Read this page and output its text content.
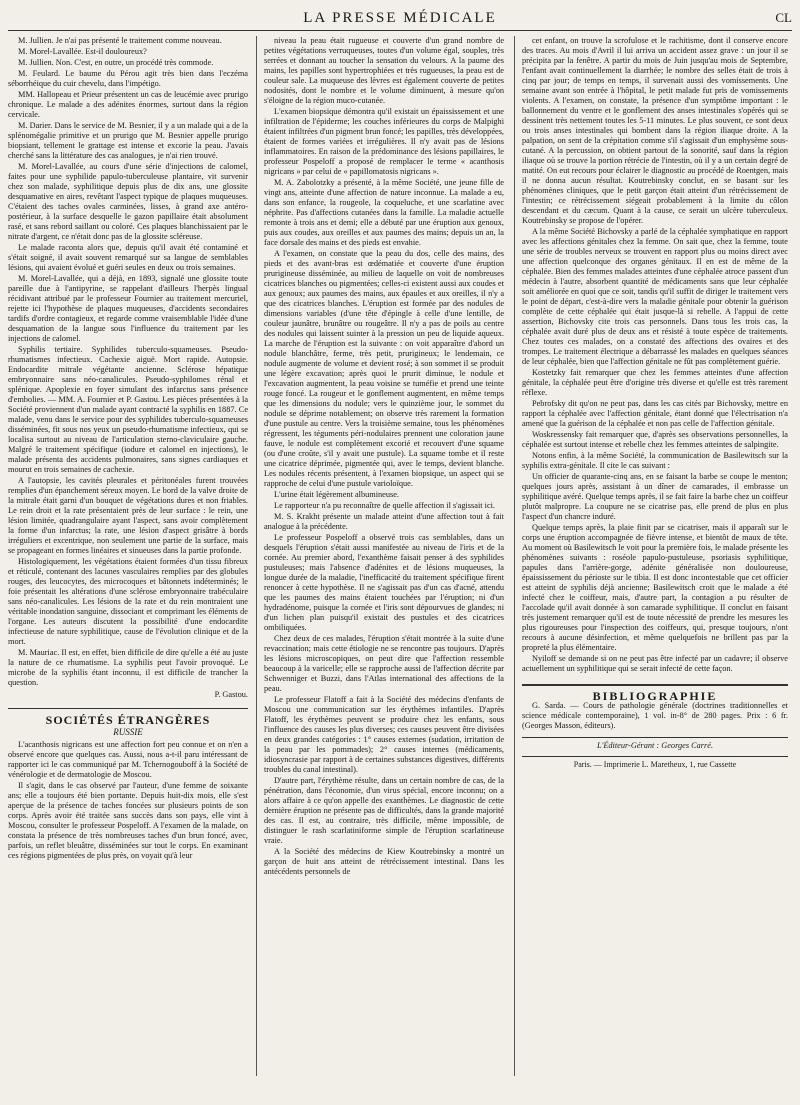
LA PRESSE MÉDICALE	CL

M. Jullien. Je n'ai pas présenté le traitement comme nouveau.

M. Morel-Lavallée. Est-il douloureux?

M. Jullien. Non. C'est, en outre, un procédé très commode.

M. Feulard. Le baume du Pérou agit très bien dans l'eczéma séborrhéique du cuir chevelu, dans l'impétigo.

MM. Hallopeau et Prieur présentent un cas de leucémie avec prurigo chronique. Le malade a des adénites énormes, surtout dans la région cervicale.

M. Darier. Dans le service de M. Besnier, il y a un malade qui a de la splénomégalie primitive et un prurigo que M. Besnier appelle prurigo biopsiant, tellement le grattage est intense et excorie la peau. J'avais cherché sans la littérature des cas analogues, je n'ai rien trouvé.

M. Morel-Lavallée, au cours d'une série d'injections de calomel, faites pour une syphilide papulo-tuberculeuse plantaire, vit survenir chez son malade, syphilitique depuis plus de dix ans, une glossite desquamative en aires, revêtant l'aspect typique de plaques muqueuses. C'étaient des taches ovales carminées, lisses, à grand axe antéro-postérieur, à la surface desquelle le gazon papillaire était absolument rasé, et sans rebord saillant ou coloré. Ces plaques blanchissaient par le nitrate d'argent, ce n'était donc pas de la glossite scléreuse.

Le malade raconta alors que, depuis qu'il avait été contaminé et s'était soigné, il avait souvent remarqué sur sa langue de semblables lésions, qui avaient évolué et guéri seules en deux ou trois semaines.

M. Morel-Lavallée, qui a déjà, en 1893, signalé une glossite toute pareille due à l'antipyrine, se rappelant d'ailleurs l'herpès lingual récidivant attribué par le professeur Fournier au traitement mercuriel, rejette ici l'hypothèse de plaques muqueuses, d'accidents secondaires tardifs d'ordre contagieux, et regarde comme vraisemblable l'idée d'une desquamation de la langue sous l'influence du traitement par les injections de calomel.

Syphilis tertiaire. Syphilides tuberculo-squameuses. Pseudo-rhumatismes infectieux. Cachexie aiguë. Mort rapide. Autopsie. Endocardite mitrale végétante ancienne. Sclérose hépatique embryonnaire sans néo-canalicules. Pseudo-syphilomes rénal et splénique. Apoplexie en foyer simulant des infarctus sans présence d'embolies. — MM. A. Fournier et P. Gastou. Les pièces présentées à la Société proviennent d'un malade ayant contracté la syphilis en 1887. Ce malade, venu dans le service pour des syphilides tuberculo-squameuses disséminées, fit sous nos yeux un pseudo-rhumatisme infectieux, qui se localisa surtout au niveau de l'articulation sterno-claviculaire gauche. Malgré le traitement spécifique (iodure et calomel en injections), le malade présenta des accidents pulmonaires, sans signes cardiaques et mourut en trois semaines de cachexie.

A l'autopsie, les cavités pleurales et péritonéales furent trouvées remplies d'un épanchement séreux moyen. Le bord de la valve droite de la mitrale était garni d'un bouquet de végétations dures et non friables. Le rein droit et la rate présentaient près de leur surface : le rein, une lésion limitée, quadrangulaire ayant l'aspect, sans avoir complètement la forme d'un infarctus; la rate, une lésion d'aspect grisâtre à bords irréguliers et excentrique, non seulement une partie de la surface, mais se propageant en formes linéaires et sinueuses dans la partie profonde.

Histologiquement, les végétations étaient formées d'un tissu fibreux et réticulé, contenant des lacunes vasculaires remplies par des globules rouges, des leucocytes, des microcoques et bâtonnets indéterminés; le foie présentait les altérations d'une sclérose embryonnaire trabéculaire sans néo-canalicules. Les lésions de la rate et du rein montraient une véritable inondation sanguine, dissociant et comprimant les éléments de l'organe. Les auteurs discutent la possibilité d'une endocardite infectieuse de nature syphilitique, cause de l'évolution clinique et de la mort.

M. Mauriac. Il est, en effet, bien difficile de dire qu'elle a été au juste la nature de ce rhumatisme. La syphilis peut l'avoir provoqué. Le microbe de la syphilis étant inconnu, il est difficile de trancher la question.

P. Gastou.
SOCIÉTÉS ÉTRANGÈRES
RUSSIE

L'acanthosis nigricans est une affection fort peu connue et on n'en a observé encore que quelques cas. Aussi, nous a-t-il paru intéressant de rapporter ici le cas communiqué par M. Tchernogouboff à la Société de vénérologie et de dermatologie de Moscou.

Il s'agit, dans le cas observé par l'auteur, d'une femme de soixante ans; elle a toujours été bien portante. Depuis huit-dix mois, elle s'est aperçue de la présence de taches foncées sur plusieurs points de son corps. Après avoir été traitée sans succès dans son pays, elle vint à Moscou, consulter le professeur Pospeloff. A l'examen de la malade, on constata la présence de très nombreuses taches d'un brun foncé, avec, parfois, un reflet bleuâtre, disséminées sur tout le corps. En examinant ces régions pigmentées de plus près, on voyait qu'à leur

niveau la peau était rugueuse et couverte d'un grand nombre de petites végétations verruqueuses, toutes d'un volume égal, souples, très serrées et donnant au toucher la sensation du velours. A la paume des mains, les papilles sont hypertrophiées et très rugueuses, la peau est de couleur sale. La muqueuse des lèvres est également couverte de petites nodosités, dont le nombre et le volume diminuent, à mesure qu'on s'éloigne de la région muco-cutanée.

L'examen biopsique démontra qu'il existait un épaississement et une infiltration de l'épiderme; les couches inférieures du corps de Malpighi étaient infiltrées d'un pigment brun foncé; les papilles, très développées, étaient de formes variées et irrégulières. Il n'y avait pas de lésions inflammatoires. En raison de la prédominance des lésions papillaires, le professeur Pospeloff a proposé de remplacer le terme « acanthosis nigricans » par celui de « papillomatosis nigricans ».

M. A. Zabolotzky a présenté, à la même Société, une jeune fille de vingt ans, atteinte d'une affection de nature inconnue. La malade a eu, dans son enfance, la rougeole, la coqueluche, et une scarlatine avec néphrite. Pas d'affections cutanées dans la famille. La maladie actuelle remonte à trois ans et demi; elle a débuté par une éruption aux genoux, puis aux coudes, aux oreilles et aux paumes des mains; depuis un an, la face dorsale des mains et des pieds est envahie.

A l'examen, on constate que la peau du dos, celle des mains, des pieds et des avant-bras est œdématiée et couverte d'une éruption prurigineuse disséminée, au milieu de laquelle on voit de nombreuses cicatrices blanches ou pigmentées; celles-ci existent aussi aux coudes et aux genoux; aux paumes des mains, aux épaules et aux oreilles, il n'y a que des cicatrices blanches. L'éruption est formée par des nodules de dimensions variables (d'une tête d'épingle à celle d'une lentille, de couleur jaunâtre, brunâtre ou rougeâtre. Il n'y a pas de poils au centre des nodules qui laissent suinter à la pression un peu de liquide aqueux. La marche de l'éruption est la suivante : on voit apparaître d'abord un nodule blanchâtre, ferme, très petit, prurigineux; le lendemain, ce nodule augmente de volume et devient rosé; à son sommet il se produit une légère excavation; après quoi le prurit diminue, le nodule et l'excavation augmentent, la peau voisine se tuméfie et prend une teinte rouge foncé. La rougeur et le gonflement augmentent, en même temps que les dimensions du nodule; vers le quinzième jour, le sommet du nodule se déprime notablement; on observe très rarement la formation d'une pustule au centre. Vers la troisième semaine, tous les phénomènes régressent, les téguments péri-nodulaires prennent une coloration jaune fauve, le nodule est complètement excorié et recouvert d'une squame (ou d'une croûte, s'il y avait une pustule). La squame tombe et il reste une cicatrice déprimée, pigmentée qui, avec le temps, devient blanche. Les nodules récents présentent, à l'examen biopsique, un aspect qui se rapproche de celui d'une pustule varioloïque.

L'urine était légèrement albumineuse.

Le rapporteur n'a pu reconnaître de quelle affection il s'agissait ici.

M. S. Krakht présente un malade atteint d'une affection tout à fait analogue à la précédente.

Le professeur Pospeloff a observé trois cas semblables, dans un desquels l'éruption s'était aussi manifestée au niveau de l'iris et de la cornée. Au premier abord, l'exanthème faisait penser à des syphilides pustuleuses; mais l'absence d'adénites et de lésions muqueuses, la longue durée de la maladie, l'inefficacité du traitement spécifique firent renoncer à cette hypothèse. Il ne s'agissait pas d'un cas d'acné, attendu que les paumes des mains étaient touchées par l'éruption; ni d'un hydradénome, puisque la cornée et l'iris sont dépourvues de glandes; ni d'un lichen plan puisqu'il existait des pustules et des cicatrices ombiliquées.

Chez deux de ces malades, l'éruption s'était montrée à la suite d'une revaccination; mais cette étiologie ne se rencontre pas toujours. D'après les lésions microscopiques, on peut dire que l'affection ressemble beaucoup à la varicelle; elle se rapproche aussi de l'affection décrite par Schwenniger et Buzzi, dans l'Atlas international des affections de la peau.

Le professeur Flatoff a fait à la Société des médecins d'enfants de Moscou une communication sur les érythèmes infantiles. D'après Flatoff, les érythèmes peuvent se produire chez les enfants, sous l'influence des causes les plus diverses; ces causes peuvent être divisées en deux grandes catégories : 1° causes externes (sudation, irritation de la peau par les pommades); 2° causes internes (médicaments, idiosyncrasie par rapport à de certaines substances digestives, différents troubles du canal intestinal).

D'autre part, l'érythème résulte, dans un certain nombre de cas, de la pénétration, dans l'économie, d'un virus spécial, encore inconnu; on a alors affaire à ce qu'on appelle des exanthèmes. Le diagnostic de cette dernière éruption ne présente pas de difficultés, dans la grande majorité des cas. Il est, au contraire, très difficile, même impossible, de distinguer le rash scarlatiniforme simple de l'éruption scarlatineuse vraie.

A la Société des médecins de Kiew Koutrebinsky a montré un garçon de huit ans atteint de rétrécissement intestinal. Dans les antécédents personnels de

cet enfant, on trouve la scrofulose et le rachitisme, dont il conserve encore des traces. Au mois d'Avril il lui arriva un accident assez grave : un jour il se précipita par la fenêtre. A partir du mois de Juin jusqu'au mois de Septembre, l'enfant avait continuellement la diarrhée; le nombre des selles était de trois à cinq par jour; de temps en temps, il survenait aussi des vomissements. Une semaine avant son entrée à l'hôpital, le petit malade fut pris de vomissements violents. A l'examen, on constate, la présence d'un symptôme important : le ballonnement du ventre et le gonflement des anses intestinales s'opérés qui se dessinent très nettement toutes les 5-11 minutes. Le plus souvent, ce sont deux ou trois anses intestinales qui bombent dans la région iliaque droite. A la palpation, on sent de la crépitation comme s'il s'agissait d'un emphysème sous-cutané. A la percussion, on obtient partout de la sonorité, sauf dans la région iliaque où se trouve la portion rétrécie de l'intestin, où il y a un certain degré de matité. On eut recours pour éclairer le diagnostic au procédé de Roentgen, mais il ne donna aucun résultat. Koutrebinsky conclut, en se basant sur les phénomènes cliniques, que le petit garçon était atteint d'un rétrécissement de l'intestin; ce rétrécissement siégeait probablement à la limite du côlon descendant et du cæcum. Quant à la cause, ce serait un ulcère tuberculeux. Koutrebinsky se propose de l'opérer.

A la même Société Bichovsky a parlé de la céphalée symphatique en rapport avec les affections génitales chez la femme. On sait que, chez la femme, toute une série de troubles nerveux se trouvent en rapport plus ou moins direct avec une affection quelconque des organes génitaux. Il en est de même de la céphalée. Bien des femmes malades atteintes d'une céphalée atroce passent d'un médecin à l'autre, absorbent quantité de médicaments sans que leur céphalée soit améliorée en quoi que ce soit, tandis qu'il suffit de diriger le traitement vers le point de départ, c'est-à-dire vers la maladie génitale pour obtenir la guérison complète de cette céphalée qui était jusque-là si rebelle. A l'appui de cette assertion, Bichovsky cite trois cas personnels. Dans tous les trois cas, la céphalée avait duré plus de deux ans et résisté à toute espèce de traitements. Chez toutes ces malades, on a constaté des affections des ovaires et des trompes. Le traitement électrique a débarrassé les malades en quelques séances de leur céphalée, bien que l'affection génitale ne fût pas complètement guérie.

Kostetzky fait remarquer que chez les femmes atteintes d'une affection génitale, la céphalée peut être d'origine très diverse et qu'elle est très rarement réflexe.

Pebrofsky dit qu'on ne peut pas, dans les cas cités par Bichovsky, mettre en rapport la céphalée avec l'affection génitale, étant donné que l'électrisation n'a amené que la guérison de la céphalée et non pas celle de l'affection génitale.

Woskressensky fait remarquer que, d'après ses observations personnelles, la céphalée est surtout intense et rebelle chez les femmes atteintes de salpingite.

Notons enfin, à la même Société, la communication de Basilewitsch sur la syphilis extra-génitale. Il cite le cas suivant :

Un officier de quarante-cinq ans, en se faisant la barbe se coupe le menton; quelques jours après, assistant à un dîner de camarades, il embrasse un syphilitique avéré. Quelque temps après, il se fait faire la barbe chez un coiffeur plutôt malpropre. La coupure ne se cicatrise pas, elle prend de plus en plus l'aspect d'un chancre induré.

Quelque temps après, la plaie finit par se cicatriser, mais il apparaît sur le corps une éruption accompagnée de fièvre intense, et bientôt de maux de tête. Au moment où Basilewitsch le voit pour la première fois, le malade présente les phénomènes suivants : roséole papulo-pustuleuse, psoriasis syphilitique, papules dans l'arrière-gorge, adénite généralisée non douloureuse, épaississement du périoste sur le tibia. Il est donc incontestable que cet officier est atteint de syphilis déjà ancienne; Basilewitsch croit que le malade a été infecté chez le coiffeur, mais, d'autre part, la contagion a pu résulter de l'accolade qu'il avait donnée à son camarade syphilitique. Il conclut en faisant très justement remarquer qu'il est de toute nécessité de prendre les mesures les plus rigoureuses pour l'inspection des coiffeurs, qui, presque toujours, n'ont recours à aucune désinfection, et même quelquefois ne brillent pas par la propreté la plus élémentaire.

Nyiloff se demande si on ne peut pas être infecté par un cadavre; il observe actuellement un syphilitique qui se serait infecté de cette façon.

BIBLIOGRAPHIE

G. Sarda. — Cours de pathologie générale (doctrines traditionnelles et science médicale contemporaine), 1 vol. in-8° de 280 pages. Prix : 6 fr. (Georges Masson, éditeurs).

L'Éditeur-Gérant : Georges Carré.
Paris. — Imprimerie L. Maretheux, 1, rue Cassette
